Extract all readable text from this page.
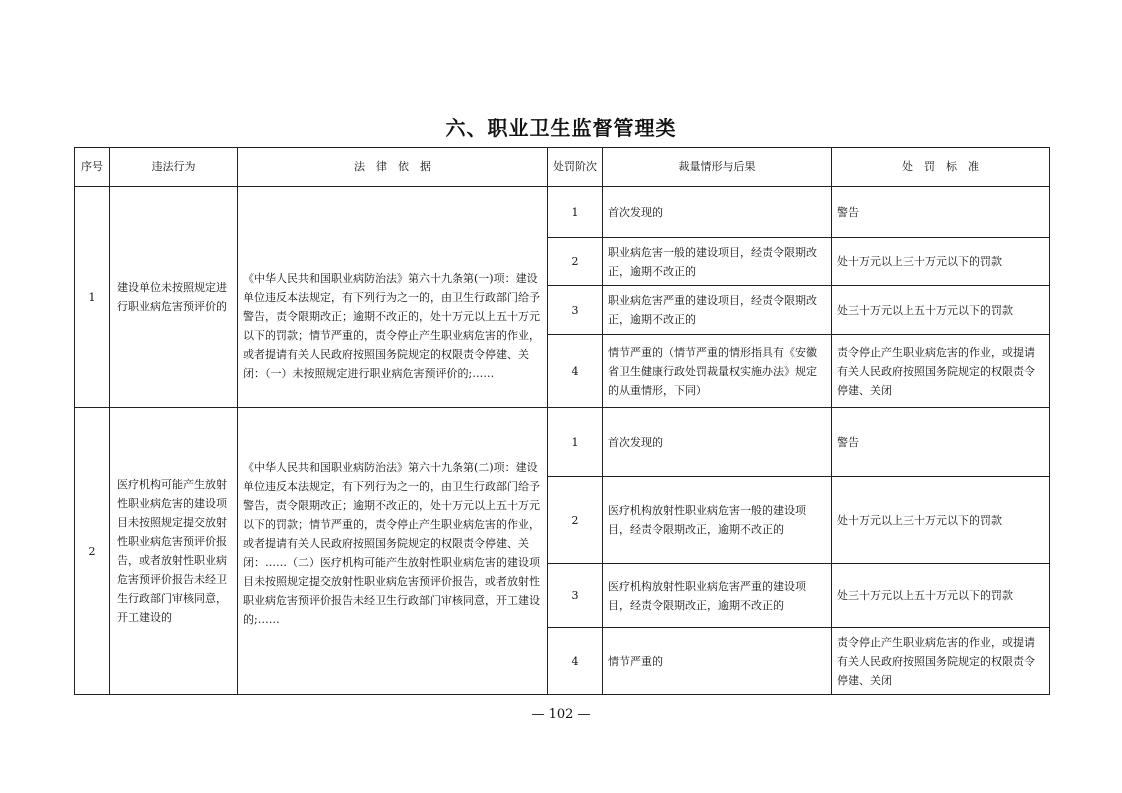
六、职业卫生监督管理类
序号	违法行为	法　律　依　据	处罚阶次	裁量情形与后果	处　罚　标　准
1	建设单位未按照规定进行职业病危害预评价的	《中华人民共和国职业病防治法》第六十九条第(一)项：建设单位违反本法规定，有下列行为之一的，由卫生行政部门给予警告，责令限期改正；逾期不改正的，处十万元以上五十万元以下的罚款；情节严重的，责令停止产生职业病危害的作业，或者提请有关人民政府按照国务院规定的权限责令停建、关闭：（一）未按照规定进行职业病危害预评价的;……	1	首次发现的	警告
			2	职业病危害一般的建设项目，经责令限期改正，逾期不改正的	处十万元以上三十万元以下的罚款
			3	职业病危害严重的建设项目，经责令限期改正，逾期不改正的	处三十万元以上五十万元以下的罚款
			4	情节严重的（情节严重的情形指具有《安徽省卫生健康行政处罚裁量权实施办法》规定的从重情形，下同）	责令停止产生职业病危害的作业，或提请有关人民政府按照国务院规定的权限责令停建、关闭
2	医疗机构可能产生放射性职业病危害的建设项目未按照规定提交放射性职业病危害预评价报告，或者放射性职业病危害预评价报告未经卫生行政部门审核同意，开工建设的	《中华人民共和国职业病防治法》第六十九条第(二)项：建设单位违反本法规定，有下列行为之一的，由卫生行政部门给予警告，责令限期改正；逾期不改正的，处十万元以上五十万元以下的罚款；情节严重的，责令停止产生职业病危害的作业，或者提请有关人民政府按照国务院规定的权限责令停建、关闭：……（二）医疗机构可能产生放射性职业病危害的建设项目未按照规定提交放射性职业病危害预评价报告，或者放射性职业病危害预评价报告未经卫生行政部门审核同意，开工建设的;……	1	首次发现的	警告
			2	医疗机构放射性职业病危害一般的建设项目，经责令限期改正，逾期不改正的	处十万元以上三十万元以下的罚款
			3	医疗机构放射性职业病危害严重的建设项目，经责令限期改正，逾期不改正的	处三十万元以上五十万元以下的罚款
			4	情节严重的	责令停止产生职业病危害的作业，或提请有关人民政府按照国务院规定的权限责令停建、关闭
— 102 —
